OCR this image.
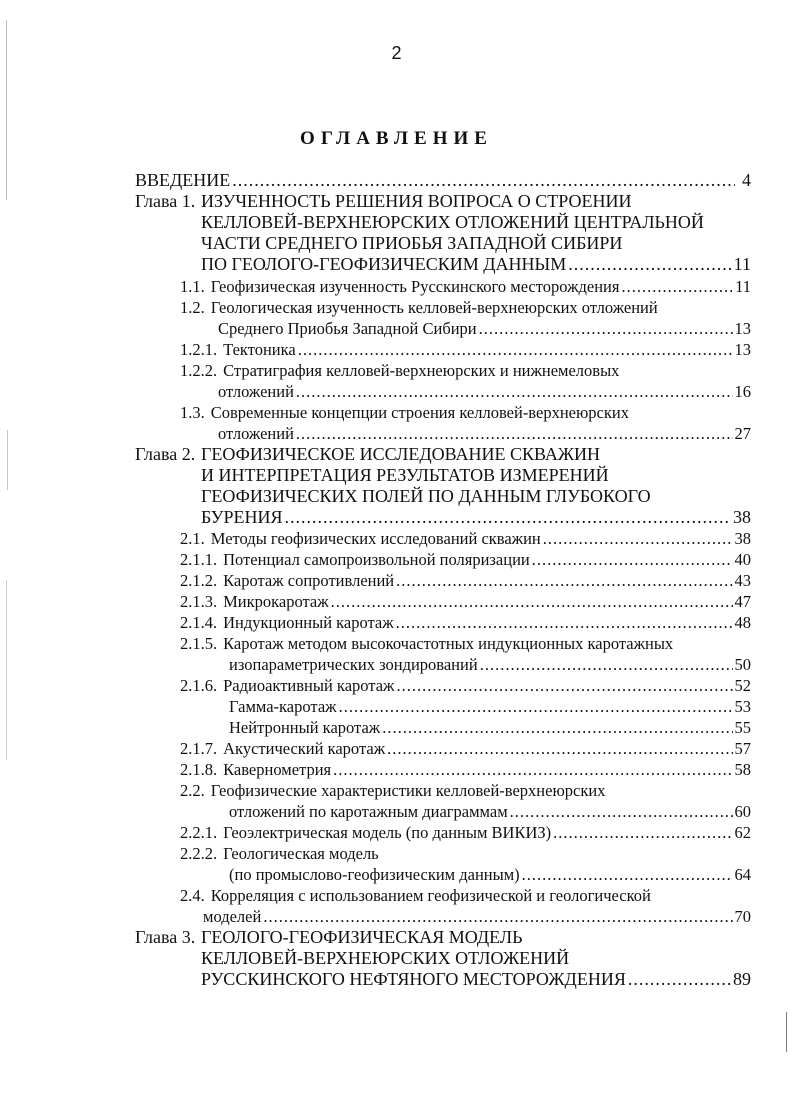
2
ОГЛАВЛЕНИЕ
ВВЕДЕНИЕ .....	4
Глава 1. ИЗУЧЕННОСТЬ РЕШЕНИЯ ВОПРОСА О СТРОЕНИИ
КЕЛЛОВЕЙ-ВЕРХНЕЮРСКИХ ОТЛОЖЕНИЙ ЦЕНТРАЛЬНОЙ
ЧАСТИ СРЕДНЕГО ПРИОБЬЯ ЗАПАДНОЙ СИБИРИ
ПО ГЕОЛОГО-ГЕОФИЗИЧЕСКИМ ДАННЫМ .....	11
1.1. Геофизическая изученность Русскинского месторождения .....	11
1.2. Геологическая изученность келловей-верхнеюрских отложений
Среднего Приобья Западной Сибири .....	13
1.2.1. Тектоника .....	13
1.2.2. Стратиграфия келловей-верхнеюрских и нижнемеловых
отложений .....	16
1.3. Современные концепции строения келловей-верхнеюрских
отложений .....	27
Глава 2. ГЕОФИЗИЧЕСКОЕ ИССЛЕДОВАНИЕ СКВАЖИН
И ИНТЕРПРЕТАЦИЯ РЕЗУЛЬТАТОВ ИЗМЕРЕНИЙ
ГЕОФИЗИЧЕСКИХ ПОЛЕЙ ПО ДАННЫМ ГЛУБОКОГО
БУРЕНИЯ .....	38
2.1. Методы геофизических исследований скважин .....	38
2.1.1. Потенциал самопроизвольной поляризации .....	40
2.1.2. Каротаж сопротивлений .....	43
2.1.3. Микрокаротаж .....	47
2.1.4. Индукционный каротаж .....	48
2.1.5. Каротаж методом высокочастотных индукционных каротажных
изопараметрических зондирований .....	50
2.1.6. Радиоактивный каротаж .....	52
Гамма-каротаж .....	53
Нейтронный каротаж .....	55
2.1.7. Акустический каротаж .....	57
2.1.8. Кавернометрия .....	58
2.2. Геофизические характеристики келловей-верхнеюрских
отложений по каротажным диаграммам .....	60
2.2.1. Геоэлектрическая модель (по данным ВИКИЗ) .....	62
2.2.2. Геологическая модель
(по промыслово-геофизическим данным) .....	64
2.4. Корреляция с использованием геофизической и геологической
моделей .....	70
Глава 3. ГЕОЛОГО-ГЕОФИЗИЧЕСКАЯ МОДЕЛЬ
КЕЛЛОВЕЙ-ВЕРХНЕЮРСКИХ ОТЛОЖЕНИЙ
РУССКИНСКОГО НЕФТЯНОГО МЕСТОРОЖДЕНИЯ .....	89
